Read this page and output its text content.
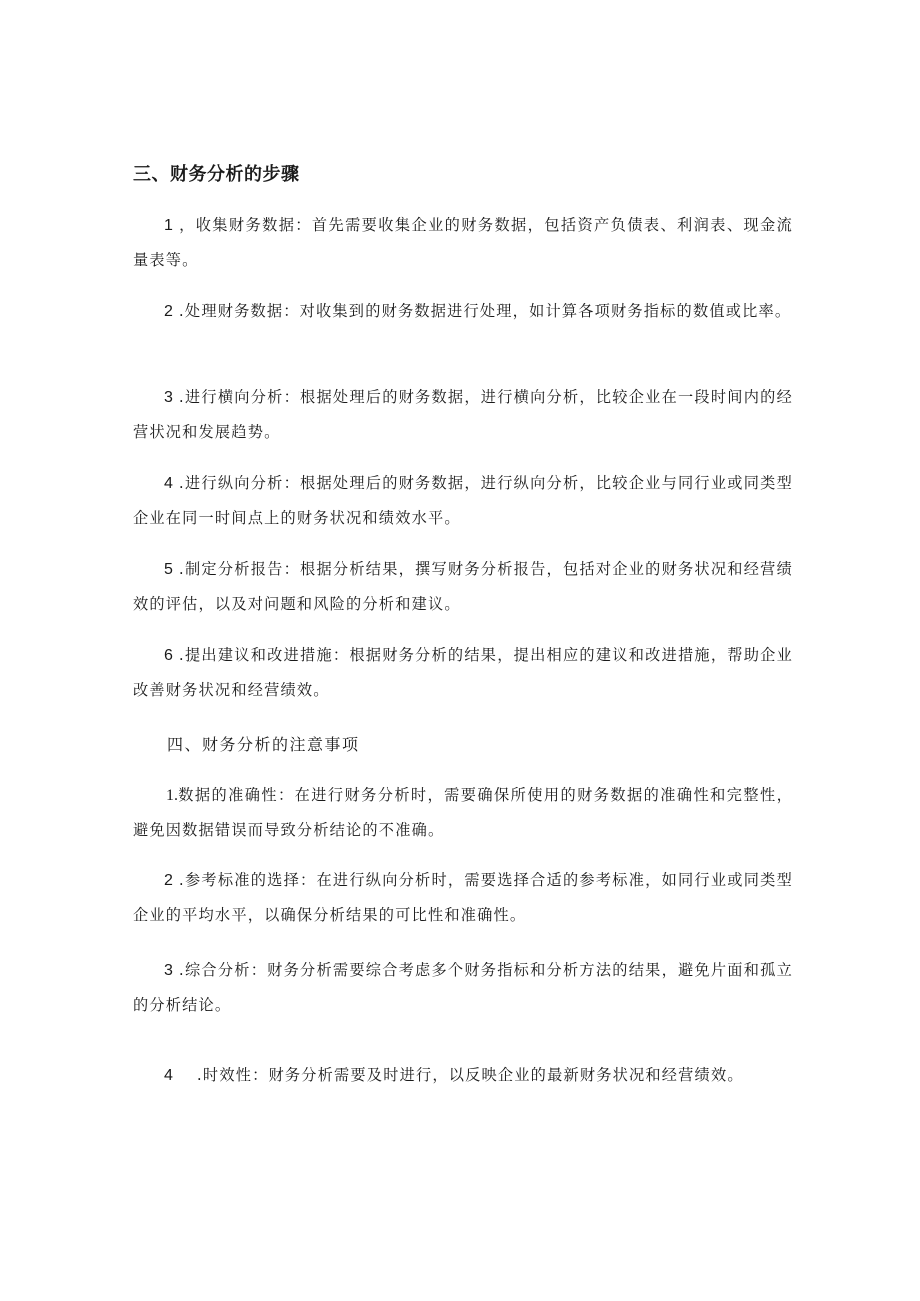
三、财务分析的步骤
1 ，收集财务数据：首先需要收集企业的财务数据，包括资产负债表、利润表、现金流量表等。
2 .处理财务数据：对收集到的财务数据进行处理，如计算各项财务指标的数值或比率。
3 .进行横向分析：根据处理后的财务数据，进行横向分析，比较企业在一段时间内的经营状况和发展趋势。
4 .进行纵向分析：根据处理后的财务数据，进行纵向分析，比较企业与同行业或同类型企业在同一时间点上的财务状况和绩效水平。
5 .制定分析报告：根据分析结果，撰写财务分析报告，包括对企业的财务状况和经营绩效的评估，以及对问题和风险的分析和建议。
6 .提出建议和改进措施：根据财务分析的结果，提出相应的建议和改进措施，帮助企业改善财务状况和经营绩效。
四、财务分析的注意事项
1.数据的准确性：在进行财务分析时，需要确保所使用的财务数据的准确性和完整性，避免因数据错误而导致分析结论的不准确。
2 .参考标准的选择：在进行纵向分析时，需要选择合适的参考标准，如同行业或同类型企业的平均水平，以确保分析结果的可比性和准确性。
3 .综合分析：财务分析需要综合考虑多个财务指标和分析方法的结果，避免片面和孤立的分析结论。
4 .时效性：财务分析需要及时进行，以反映企业的最新财务状况和经营绩效。
